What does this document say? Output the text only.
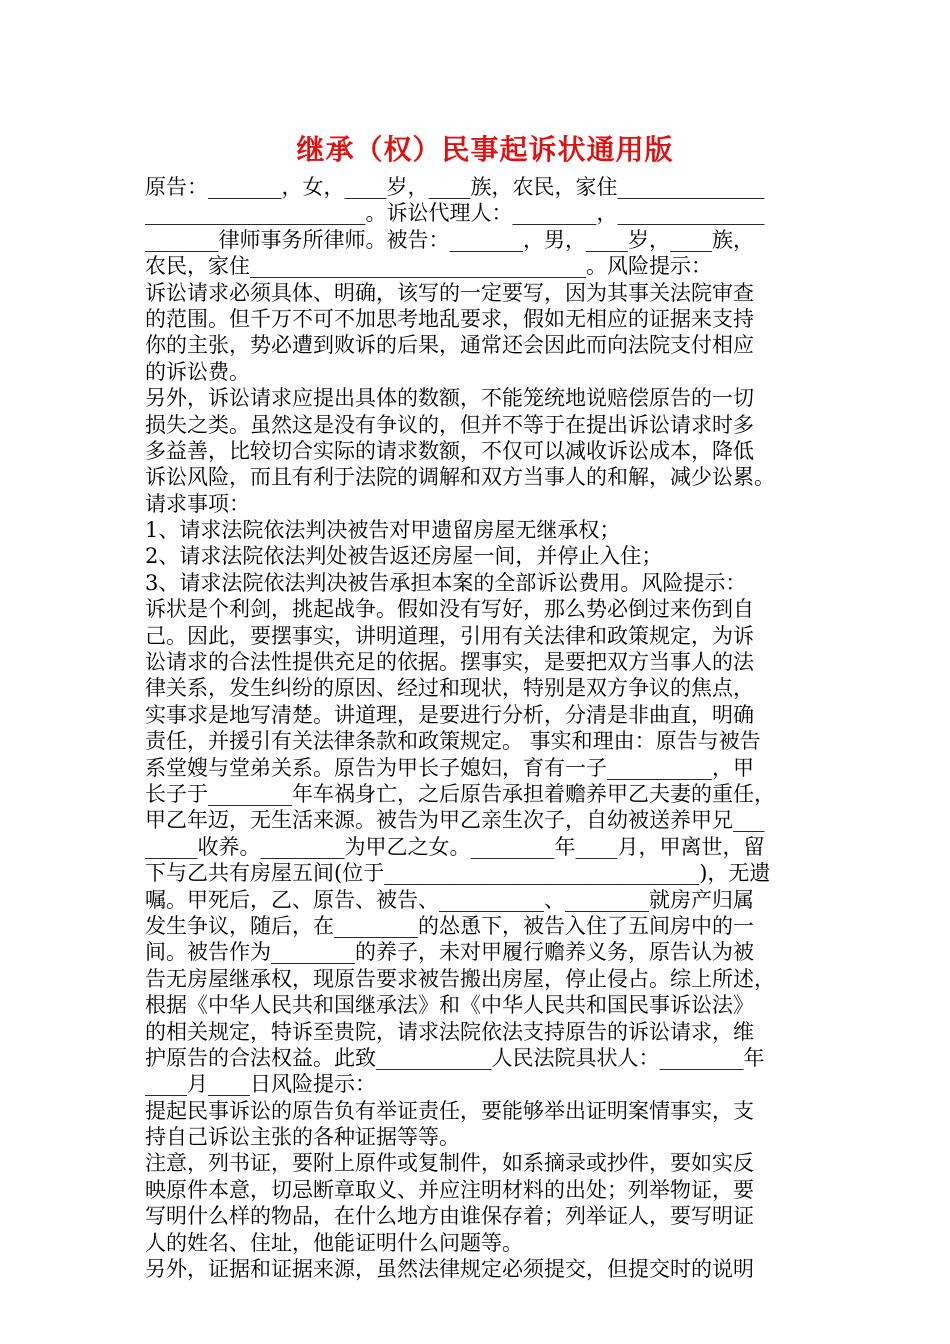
继承（权）民事起诉状通用版
原告：_______，女，____岁，____族，农民，家住______________
_____________________。诉讼代理人：________，______________
_______律师事务所律师。被告：_______，男，____岁，____族，
农民，家住________________________________。风险提示：
诉讼请求必须具体、明确，该写的一定要写，因为其事关法院审查
的范围。但千万不可不加思考地乱要求，假如无相应的证据来支持
你的主张，势必遭到败诉的后果，通常还会因此而向法院支付相应
的诉讼费。
另外，诉讼请求应提出具体的数额，不能笼统地说赔偿原告的一切
损失之类。虽然这是没有争议的，但并不等于在提出诉讼请求时多
多益善，比较切合实际的请求数额，不仅可以减收诉讼成本，降低
诉讼风险，而且有利于法院的调解和双方当事人的和解，减少讼累。
请求事项：
1、请求法院依法判决被告对甲遗留房屋无继承权；
2、请求法院依法判处被告返还房屋一间，并停止入住；
3、请求法院依法判决被告承担本案的全部诉讼费用。风险提示：
诉状是个利剑，挑起战争。假如没有写好，那么势必倒过来伤到自
己。因此，要摆事实，讲明道理，引用有关法律和政策规定，为诉
讼请求的合法性提供充足的依据。摆事实，是要把双方当事人的法
律关系，发生纠纷的原因、经过和现状，特别是双方争议的焦点，
实事求是地写清楚。讲道理，是要进行分析，分清是非曲直，明确
责任，并援引有关法律条款和政策规定。 事实和理由：原告与被告
系堂嫂与堂弟关系。原告为甲长子媳妇，育有一子__________，甲
长子于________年车祸身亡，之后原告承担着赡养甲乙夫妻的重任，
甲乙年迈，无生活来源。被告为甲乙亲生次子，自幼被送养甲兄___
_____收养。________为甲乙之女。________年____月，甲离世，留
下与乙共有房屋五间(位于______________________________)，无遗
嘱。甲死后，乙、原告、被告、__________、________就房产归属
发生争议，随后，在________的怂恿下，被告入住了五间房中的一
间。被告作为________的养子，未对甲履行赡养义务，原告认为被
告无房屋继承权，现原告要求被告搬出房屋，停止侵占。综上所述，
根据《中华人民共和国继承法》和《中华人民共和国民事诉讼法》
的相关规定，特诉至贵院，请求法院依法支持原告的诉讼请求，维
护原告的合法权益。此致___________人民法院具状人：________年
____月____日风险提示：
提起民事诉讼的原告负有举证责任，要能够举出证明案情事实，支
持自己诉讼主张的各种证据等等。
注意，列书证，要附上原件或复制件，如系摘录或抄件，要如实反
映原件本意，切忌断章取义、并应注明材料的出处；列举物证，要
写明什么样的物品，在什么地方由谁保存着；列举证人，要写明证
人的姓名、住址，他能证明什么问题等。
另外，证据和证据来源，虽然法律规定必须提交，但提交时的说明
